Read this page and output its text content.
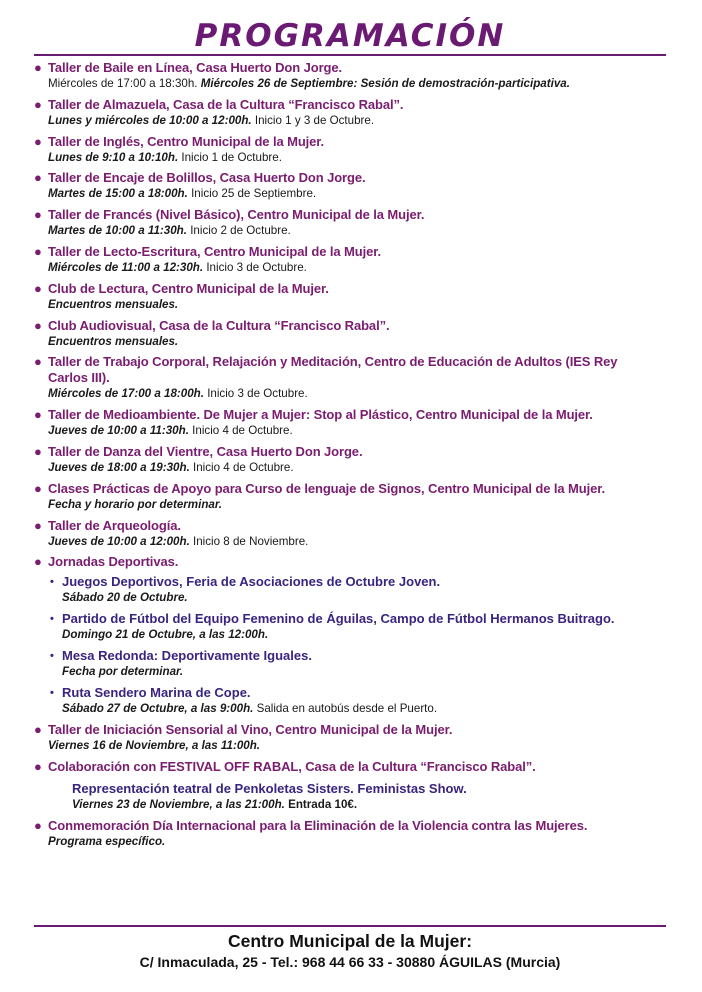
PROGRAMACIÓN
● Taller de Baile en Línea, Casa Huerto Don Jorge.
Miércoles de 17:00 a 18:30h. Miércoles 26 de Septiembre: Sesión de demostración-participativa.
● Taller de Almazuela, Casa de la Cultura “Francisco Rabal”.
Lunes y miércoles de 10:00 a 12:00h. Inicio 1 y 3 de Octubre.
● Taller de Inglés, Centro Municipal de la Mujer.
Lunes de 9:10 a 10:10h. Inicio 1 de Octubre.
● Taller de Encaje de Bolillos, Casa Huerto Don Jorge.
Martes de 15:00 a 18:00h. Inicio 25 de Septiembre.
● Taller de Francés (Nivel Básico), Centro Municipal de la Mujer.
Martes de 10:00 a 11:30h. Inicio 2 de Octubre.
● Taller de Lecto-Escritura, Centro Municipal de la Mujer.
Miércoles de 11:00 a 12:30h. Inicio 3 de Octubre.
● Club de Lectura, Centro Municipal de la Mujer.
Encuentros mensuales.
● Club Audiovisual, Casa de la Cultura “Francisco Rabal”.
Encuentros mensuales.
● Taller de Trabajo Corporal, Relajación y Meditación, Centro de Educación de Adultos (IES Rey Carlos III).
Miércoles de 17:00 a 18:00h. Inicio 3 de Octubre.
● Taller de Medioambiente. De Mujer a Mujer: Stop al Plástico, Centro Municipal de la Mujer.
Jueves de 10:00 a 11:30h. Inicio 4 de Octubre.
● Taller de Danza del Vientre, Casa Huerto Don Jorge.
Jueves de 18:00 a 19:30h. Inicio 4 de Octubre.
● Clases Prácticas de Apoyo para Curso de lenguaje de Signos, Centro Municipal de la Mujer.
Fecha y horario por determinar.
● Taller de Arqueología.
Jueves de 10:00 a 12:00h. Inicio 8 de Noviembre.
● Jornadas Deportivas.
• Juegos Deportivos, Feria de Asociaciones de Octubre Joven.
Sábado 20 de Octubre.
• Partido de Fútbol del Equipo Femenino de Águilas, Campo de Fútbol Hermanos Buitrago.
Domingo 21 de Octubre, a las 12:00h.
• Mesa Redonda: Deportivamente Iguales.
Fecha por determinar.
• Ruta Sendero Marina de Cope.
Sábado 27 de Octubre, a las 9:00h. Salida en autobús desde el Puerto.
● Taller de Iniciación Sensorial al Vino, Centro Municipal de la Mujer.
Viernes 16 de Noviembre, a las 11:00h.
● Colaboración con FESTIVAL OFF RABAL, Casa de la Cultura “Francisco Rabal”.
Representación teatral de Penkoletas Sisters. Feministas Show.
Viernes 23 de Noviembre, a las 21:00h. Entrada 10€.
● Conmemoración Día Internacional para la Eliminación de la Violencia contra las Mujeres.
Programa específico.
Centro Municipal de la Mujer:
C/ Inmaculada, 25 - Tel.: 968 44 66 33 - 30880 ÁGUILAS (Murcia)
